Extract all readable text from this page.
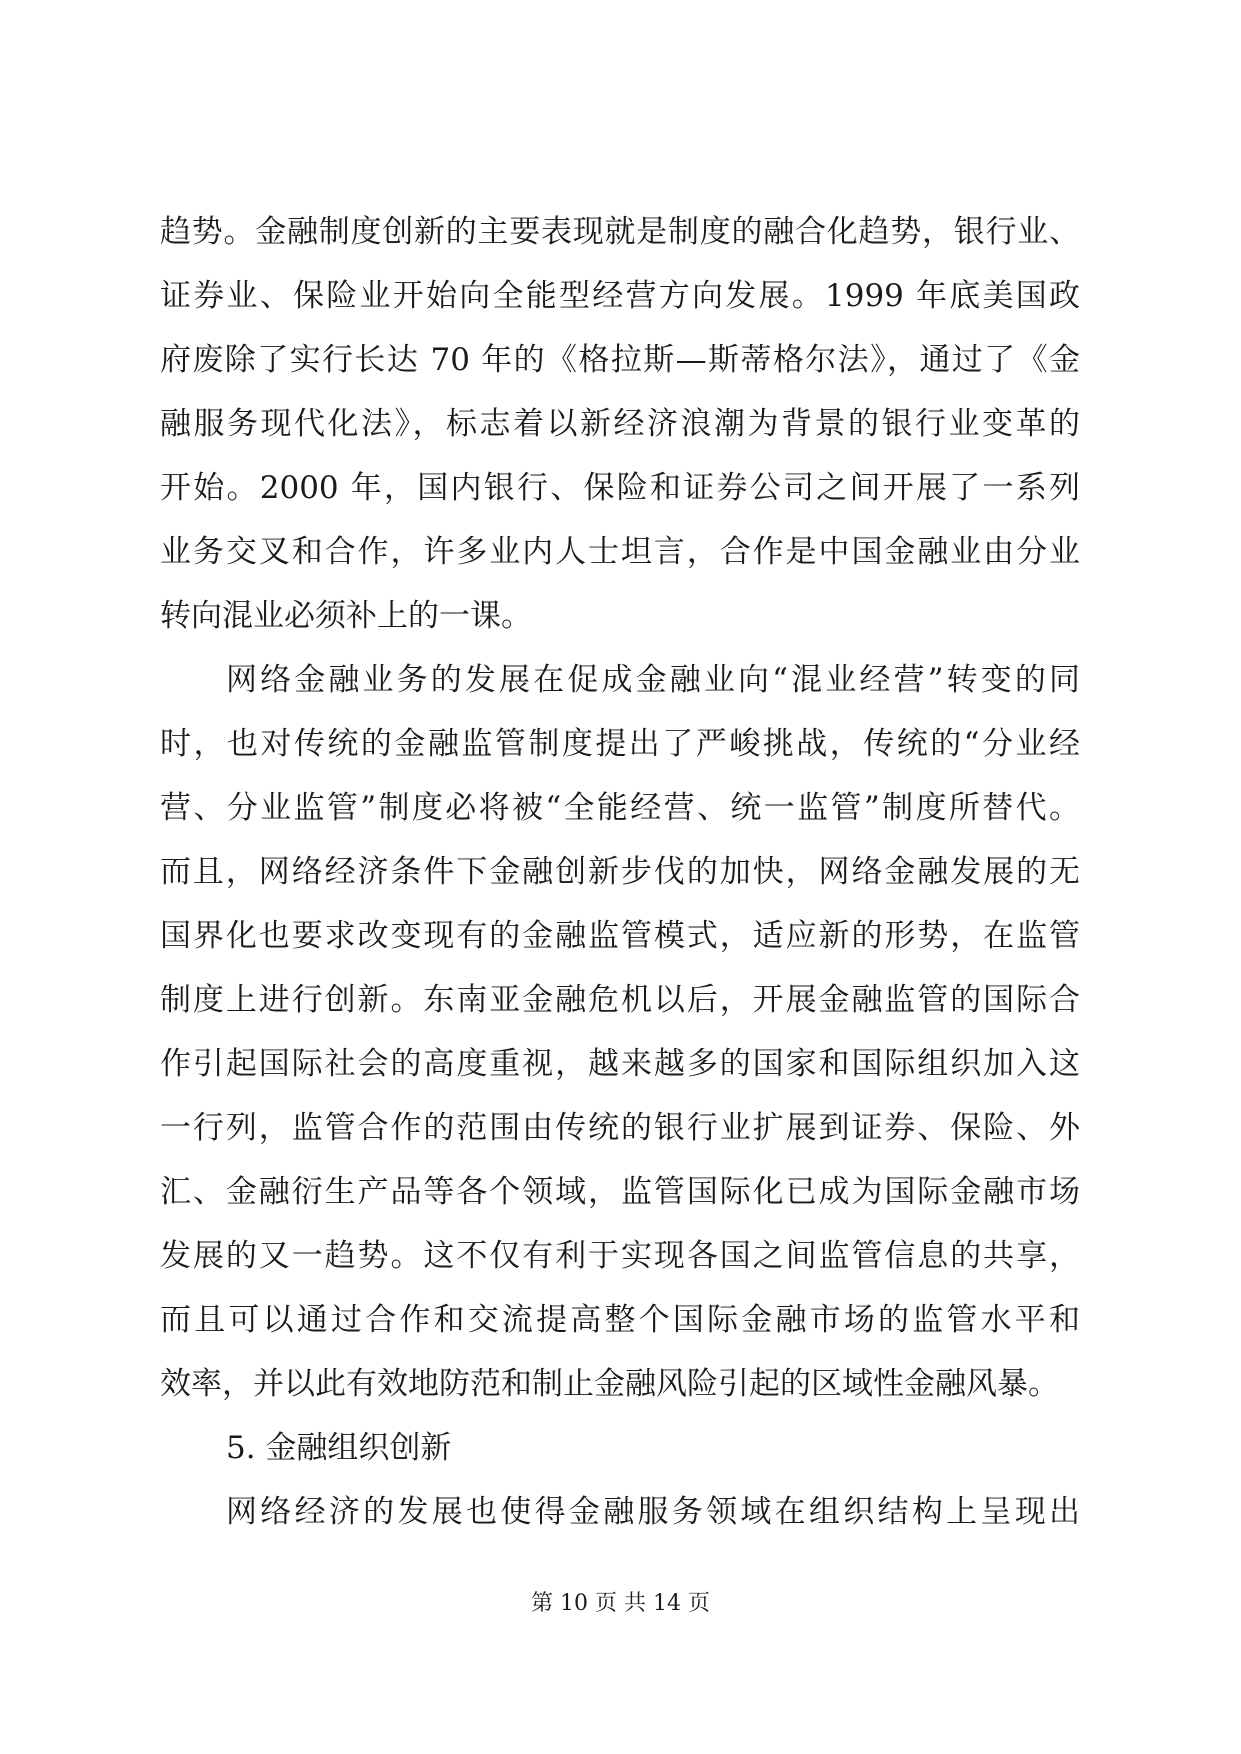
趋势。金融制度创新的主要表现就是制度的融合化趋势，银行业、
证券业、保险业开始向全能型经营方向发展。1999 年底美国政
府废除了实行长达 70 年的《格拉斯—斯蒂格尔法》，通过了《金
融服务现代化法》，标志着以新经济浪潮为背景的银行业变革的
开始。2000 年，国内银行、保险和证券公司之间开展了一系列
业务交叉和合作，许多业内人士坦言，合作是中国金融业由分业
转向混业必须补上的一课。
网络金融业务的发展在促成金融业向“混业经营”转变的同
时，也对传统的金融监管制度提出了严峻挑战，传统的“分业经
营、分业监管”制度必将被“全能经营、统一监管”制度所替代。
而且，网络经济条件下金融创新步伐的加快，网络金融发展的无
国界化也要求改变现有的金融监管模式，适应新的形势，在监管
制度上进行创新。东南亚金融危机以后，开展金融监管的国际合
作引起国际社会的高度重视，越来越多的国家和国际组织加入这
一行列，监管合作的范围由传统的银行业扩展到证券、保险、外
汇、金融衍生产品等各个领域，监管国际化已成为国际金融市场
发展的又一趋势。这不仅有利于实现各国之间监管信息的共享，
而且可以通过合作和交流提高整个国际金融市场的监管水平和
效率，并以此有效地防范和制止金融风险引起的区域性金融风暴。
5. 金融组织创新
网络经济的发展也使得金融服务领域在组织结构上呈现出
第 10 页 共 14 页
